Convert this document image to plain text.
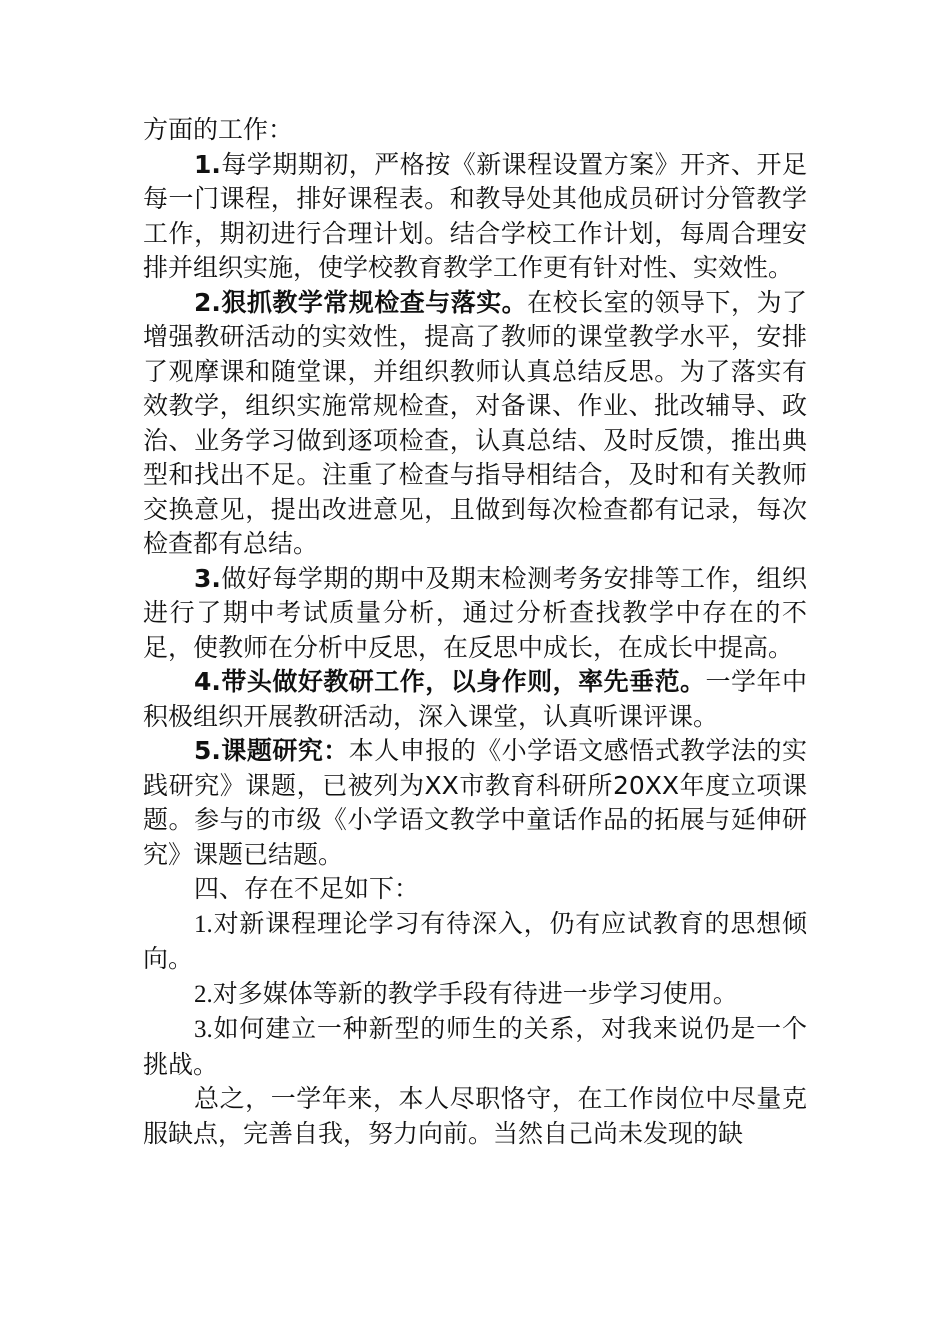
方面的工作：

1.每学期期初，严格按《新课程设置方案》开齐、开足每一门课程，排好课程表。和教导处其他成员研讨分管教学工作，期初进行合理计划。结合学校工作计划，每周合理安排并组织实施，使学校教育教学工作更有针对性、实效性。

2.狠抓教学常规检查与落实。在校长室的领导下，为了增强教研活动的实效性，提高了教师的课堂教学水平，安排了观摩课和随堂课，并组织教师认真总结反思。为了落实有效教学，组织实施常规检查，对备课、作业、批改辅导、政治、业务学习做到逐项检查，认真总结、及时反馈，推出典型和找出不足。注重了检查与指导相结合，及时和有关教师交换意见，提出改进意见，且做到每次检查都有记录，每次检查都有总结。

3.做好每学期的期中及期末检测考务安排等工作，组织进行了期中考试质量分析，通过分析查找教学中存在的不足，使教师在分析中反思，在反思中成长，在成长中提高。

4.带头做好教研工作，以身作则，率先垂范。一学年中积极组织开展教研活动，深入课堂，认真听课评课。

5.课题研究：本人申报的《小学语文感悟式教学法的实践研究》课题，已被列为XX市教育科研所20XX年度立项课题。参与的市级《小学语文教学中童话作品的拓展与延伸研究》课题已结题。

四、存在不足如下：

1.对新课程理论学习有待深入，仍有应试教育的思想倾向。

2.对多媒体等新的教学手段有待进一步学习使用。

3.如何建立一种新型的师生的关系，对我来说仍是一个挑战。

总之，一学年来，本人尽职恪守，在工作岗位中尽量克服缺点，完善自我，努力向前。当然自己尚未发现的缺
